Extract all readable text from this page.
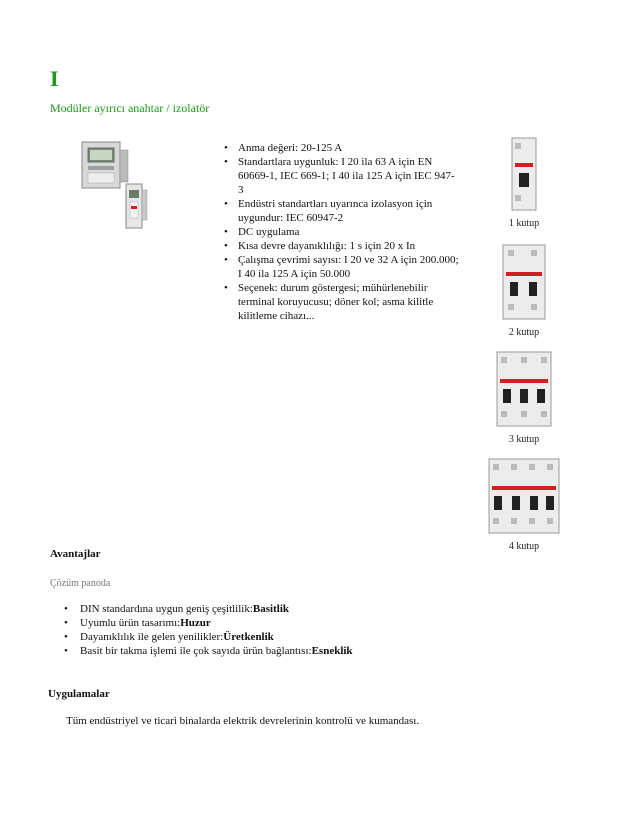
I
Modüler ayırıcı anahtar / izolatör
• Anma değeri: 20-125 A
• Standartlara uygunluk: I 20 ila 63 A için EN 60669-1, IEC 669-1; I 40 ila 125 A için IEC 947-3
• Endüstri standartları uyarınca izolasyon için uygundur: IEC 60947-2
• DC uygulama
• Kısa devre dayanıklılığı: 1 s için 20 x In
• Çalışma çevrimi sayısı: I 20 ve 32 A için 200.000; I 40 ila 125 A için 50.000
• Seçenek: durum göstergesi; mühürlenebilir terminal koruyucusu; döner kol; asma kilitle kilitleme cihazı...
1 kutup
2 kutup
3 kutup
4 kutup
Avantajlar
Çözüm panoda
• DIN standardına uygun geniş çeşitlilik:Basitlik
• Uyumlu ürün tasarımı:Huzur
• Dayanıklılık ile gelen yenilikler:Üretkenlik
• Basit bir takma işlemi ile çok sayıda ürün bağlantısı:Esneklik
Uygulamalar
Tüm endüstriyel ve ticari binalarda elektrik devrelerinin kontrolü ve kumandası.
